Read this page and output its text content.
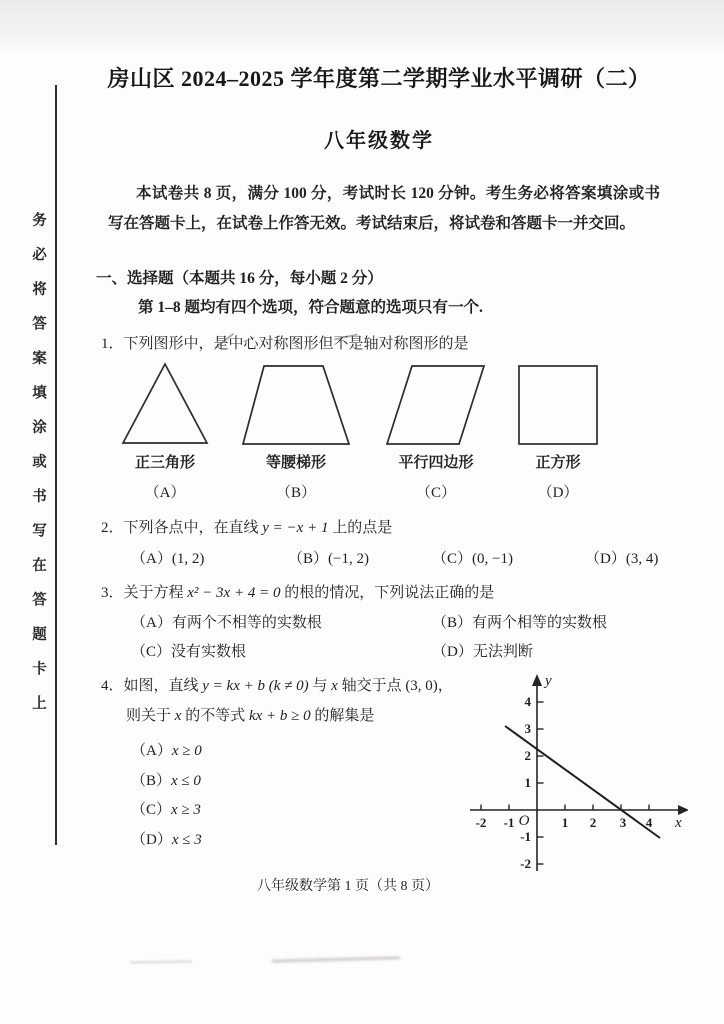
务必将答案填涂或书写在答题卡上
房山区 2024–2025 学年度第二学期学业水平调研（二）
八年级数学
本试卷共 8 页，满分 100 分，考试时长 120 分钟。考生务必将答案填涂或书写在答题卡上，在试卷上作答无效。考试结束后，将试卷和答题卡一并交回。
一、选择题（本题共 16 分，每小题 2 分）
第 1–8 题均有四个选项，符合题意的选项只有一个.
1．下列图形中，是中心对称图形但不是轴对称图形的是
正三角形
（A）
等腰梯形
（B）
平行四边形
（C）
正方形
（D）
2．下列各点中，在直线 y = −x + 1 上的点是
（A）(1, 2)	（B）(−1, 2)	（C）(0, −1)	（D）(3, 4)
3．关于方程 x² − 3x + 4 = 0 的根的情况，下列说法正确的是
（A）有两个不相等的实数根	（B）有两个相等的实数根
（C）没有实数根	（D）无法判断
4．如图，直线 y = kx + b (k ≠ 0) 与 x 轴交于点 (3, 0)，
则关于 x 的不等式 kx + b ≥ 0 的解集是
（A）x ≥ 0
（B）x ≤ 0
（C）x ≥ 3
（D）x ≤ 3
-2 -1	1 2 3 4
4
3
2
1
-1
-2
y
x
O
八年级数学第 1 页（共 8 页）
